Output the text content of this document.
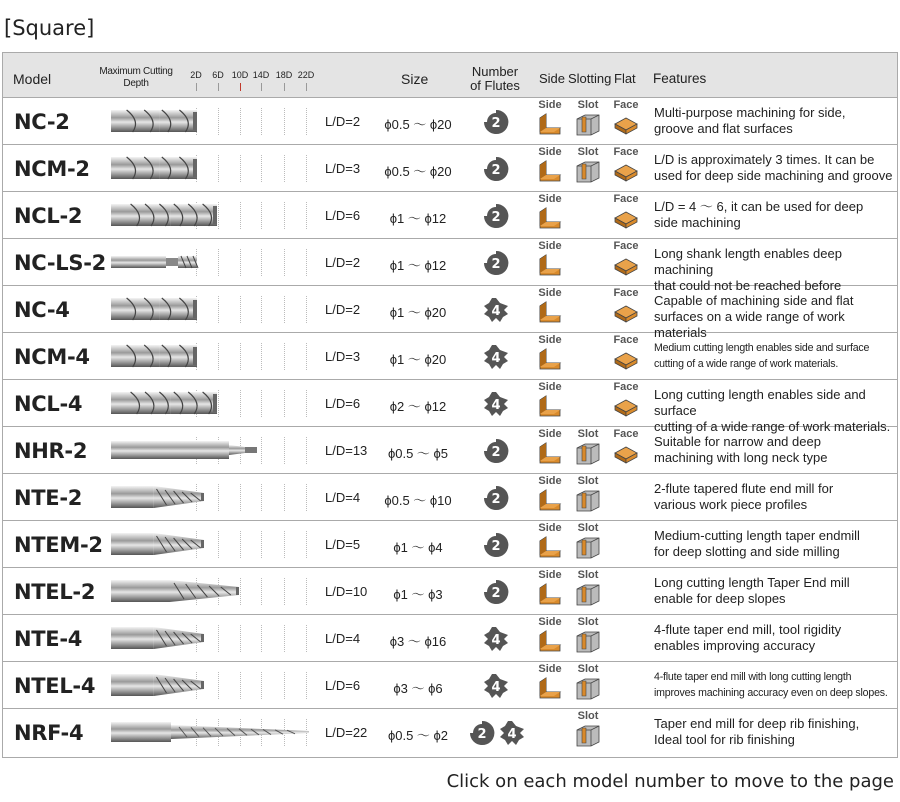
[Square]
Model	Maximum Cutting
Depth	Size	Number
of Flutes	Side Slotting Flat Features
2D 6D 10D 14D 18D 22D
NC-2	L/D=2	ϕ0.5 〜 ϕ20	2
Side	Slot	Face Multi-purpose machining for side,
groove and flat surfaces
NCM-2	L/D=3	ϕ0.5 〜 ϕ20	2
Side	Slot	Face L/D is approximately 3 times. It can be
used for deep side machining and groove
NCL-2	L/D=6	ϕ1 〜 ϕ12	2
Side	Face L/D = 4 〜 6, it can be used for deep
side machining
NC-LS-2	L/D=2	ϕ1 〜 ϕ12	2
Side	Face Long shank length enables deep machining
that could not be reached before
NC-4	L/D=2	ϕ1 〜 ϕ20	4
Side	Face Capable of machining side and flat
surfaces on a wide range of work materials
NCM-4	L/D=3	ϕ1 〜 ϕ20	4
Side	Face
Medium cutting length enables side and surface
cutting of a wide range of work materials.
NCL-4	L/D=6	ϕ2 〜 ϕ12	4
Side	Face Long cutting length enables side and surface
cutting of a wide range of work materials.
NHR-2	L/D=13	ϕ0.5 〜 ϕ5	2
Side	Slot	Face Suitable for narrow and deep
machining with long neck type
NTE-2	L/D=4	ϕ0.5 〜 ϕ10	2
Side	Slot	2-flute tapered flute end mill for
various work piece profiles
NTEM-2	L/D=5	ϕ1 〜 ϕ4	2
Side	Slot	Medium-cutting length taper endmill
for deep slotting and side milling
NTEL-2	L/D=10	ϕ1 〜 ϕ3	2
Side	Slot	Long cutting length Taper End mill
enable for deep slopes
NTE-4	L/D=4	ϕ3 〜 ϕ16	4
Side	Slot	4-flute taper end mill, tool rigidity
enables improving accuracy
NTEL-4	L/D=6	ϕ3 〜 ϕ6	4
Side	Slot
4-flute taper end mill with long cutting length
improves machining accuracy even on deep slopes.
NRF-4	L/D=22	ϕ0.5 〜 ϕ2	2 4
Slot	Taper end mill for deep rib finishing,
Ideal tool for rib finishing
Click on each model number to move to the page
